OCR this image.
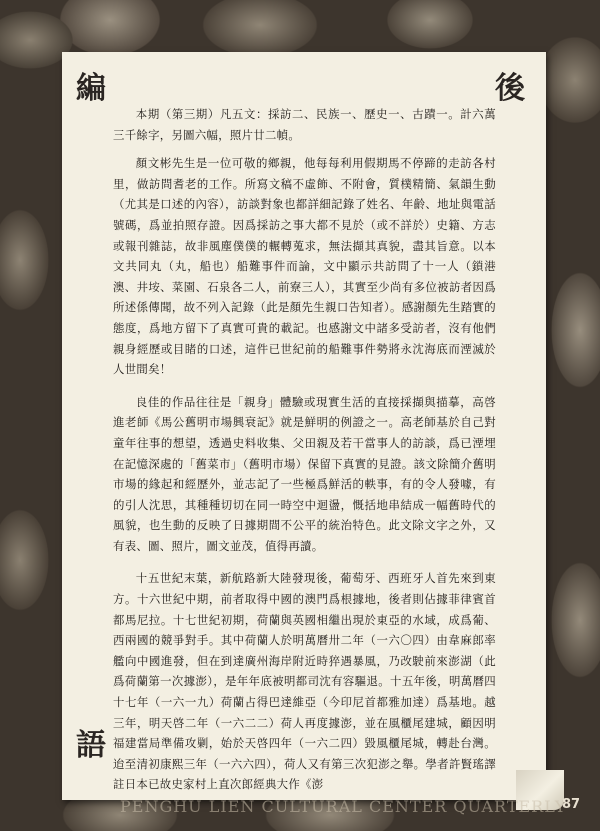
編	後
語

本期（第三期）凡五文：採訪二、民族一、歷史一、古蹟一。計六萬三千餘字，另圖六幅，照片廿二幀。

顏文彬先生是一位可敬的鄉親，他每每利用假期馬不停蹄的走訪各村里，做訪問耆老的工作。所寫文稿不虛飾、不附會，質樸精簡、氣韻生動（尤其是口述的內容），訪談對象也都詳細記錄了姓名、年齡、地址與電話號碼，爲並拍照存證。因爲採訪之事大都不見於（或不詳於）史籍、方志或報刊雜誌，故非風塵僕僕的輾轉蒐求，無法擷其真貌，盡其旨意。以本文共同丸（丸，船也）船難事件而論，文中顯示共訪問了十一人（鎖港澳、井垵、菜園、石泉各二人，前寮三人），其實至少尚有多位被訪者因爲所述係傳聞，故不列入記錄（此是顏先生親口告知者）。感謝顏先生踏實的態度，爲地方留下了真實可貴的載記。也感謝文中諸多受訪者，沒有他們親身經歷或目睹的口述，這件已世紀前的船難事件勢將永沈海底而湮滅於人世間矣！

良佳的作品往往是「親身」體驗或現實生活的直接採擷與描摹，高啓進老師《馬公舊明市場興衰記》就是鮮明的例證之一。高老師基於自己對童年往事的想望，透過史料收集、父田親及若干當事人的訪談，爲已湮埋在記憶深處的「舊菜市」（舊明市場）保留下真實的見證。該文除簡介舊明市場的緣起和經歷外，並志記了一些極爲鮮活的軼事，有的令人發噱，有的引人沈思，其種種切切在同一時空中迴盪，慨括地串結成一幅舊時代的風貌，也生動的反映了日據期間不公平的統治特色。此文除文字之外，又有表、圖、照片，圖文並茂，值得再讀。

十五世紀末葉，新航路新大陸發現後，葡萄牙、西班牙人首先來到東方。十六世紀中期，前者取得中國的澳門爲根據地，後者則佔據菲律賓首都馬尼拉。十七世紀初期，荷蘭與英國相繼出現於東亞的水域，成爲葡、西兩國的競爭對手。其中荷蘭人於明萬曆卅二年（一六〇四）由韋麻郎率艦向中國進發，但在到達廣州海岸附近時猝遇暴風，乃改駛前來澎湖（此爲荷蘭第一次據澎），是年年底被明都司沈有容驅退。十五年後，明萬曆四十七年（一六一九）荷蘭占得巴達維亞（今印尼首都雅加達）爲基地。越三年，明天啓二年（一六二二）荷人再度據澎，並在風櫃尾建城，顧因明福建當局準備攻剿，始於天啓四年（一六二四）毀風櫃尾城，轉赴台灣。迨至清初康熙三年（一六六四），荷人又有第三次犯澎之舉。學者許賢瑤譯註日本已故史家村上直次郎經典大作《澎

PENGHU LIEN CULTURAL CENTER QUARTERLY
87
